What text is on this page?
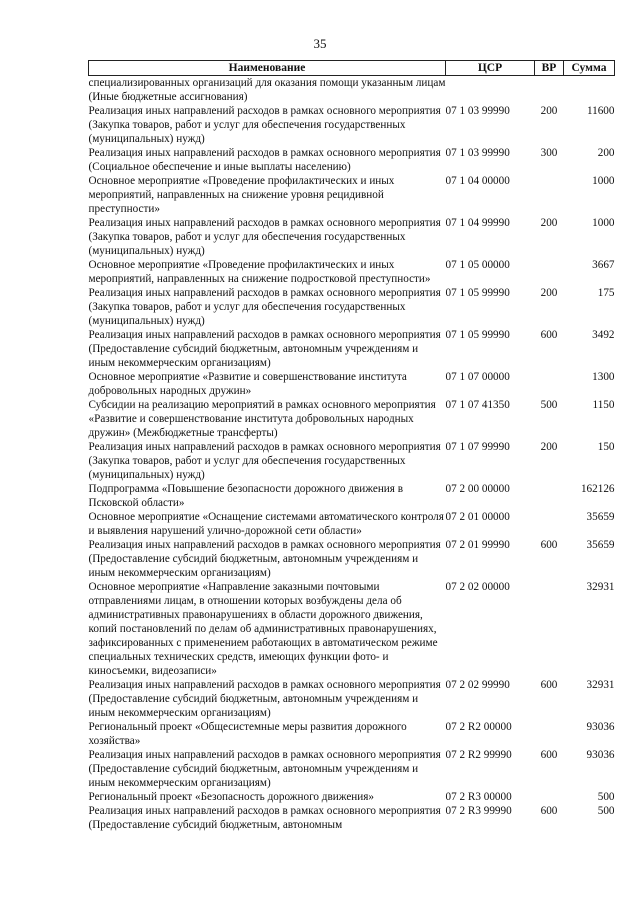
35
Наименование	ЦСР	ВР	Сумма
специализированных организаций для оказания помощи указанным лицам (Иные бюджетные ассигнования)			
Реализация иных направлений расходов в рамках основного мероприятия (Закупка товаров, работ и услуг для обеспечения государственных (муниципальных) нужд)	07 1 03 99990	200	11600
Реализация иных направлений расходов в рамках основного мероприятия (Социальное обеспечение и иные выплаты населению)	07 1 03 99990	300	200
Основное мероприятие «Проведение профилактических и иных мероприятий, направленных на снижение уровня рецидивной преступности»	07 1 04 00000		1000
Реализация иных направлений расходов в рамках основного мероприятия (Закупка товаров, работ и услуг для обеспечения государственных (муниципальных) нужд)	07 1 04 99990	200	1000
Основное мероприятие «Проведение профилактических и иных мероприятий, направленных на снижение подростковой преступности»	07 1 05 00000		3667
Реализация иных направлений расходов в рамках основного мероприятия (Закупка товаров, работ и услуг для обеспечения государственных (муниципальных) нужд)	07 1 05 99990	200	175
Реализация иных направлений расходов в рамках основного мероприятия (Предоставление субсидий бюджетным, автономным учреждениям и иным некоммерческим организациям)	07 1 05 99990	600	3492
Основное мероприятие «Развитие и совершенствование института добровольных народных дружин»	07 1 07 00000		1300
Субсидии на реализацию мероприятий в рамках основного мероприятия «Развитие и совершенствование института добровольных народных дружин» (Межбюджетные трансферты)	07 1 07 41350	500	1150
Реализация иных направлений расходов в рамках основного мероприятия (Закупка товаров, работ и услуг для обеспечения государственных (муниципальных) нужд)	07 1 07 99990	200	150
Подпрограмма «Повышение безопасности дорожного движения в Псковской области»	07 2 00 00000		162126
Основное мероприятие «Оснащение системами автоматического контроля и выявления нарушений улично-дорожной сети области»	07 2 01 00000		35659
Реализация иных направлений расходов в рамках основного мероприятия (Предоставление субсидий бюджетным, автономным учреждениям и иным некоммерческим организациям)	07 2 01 99990	600	35659
Основное мероприятие «Направление заказными почтовыми отправлениями лицам, в отношении которых возбуждены дела об административных правонарушениях в области дорожного движения, копий постановлений по делам об административных правонарушениях, зафиксированных с применением работающих в автоматическом режиме специальных технических средств, имеющих функции фото- и киносъемки, видеозаписи»	07 2 02 00000		32931
Реализация иных направлений расходов в рамках основного мероприятия (Предоставление субсидий бюджетным, автономным учреждениям и иным некоммерческим организациям)	07 2 02 99990	600	32931
Региональный проект «Общесистемные меры развития дорожного хозяйства»	07 2 R2 00000		93036
Реализация иных направлений расходов в рамках основного мероприятия (Предоставление субсидий бюджетным, автономным учреждениям и иным некоммерческим организациям)	07 2 R2 99990	600	93036
Региональный проект «Безопасность дорожного движения»	07 2 R3 00000		500
Реализация иных направлений расходов в рамках основного мероприятия (Предоставление субсидий бюджетным, автономным	07 2 R3 99990	600	500
